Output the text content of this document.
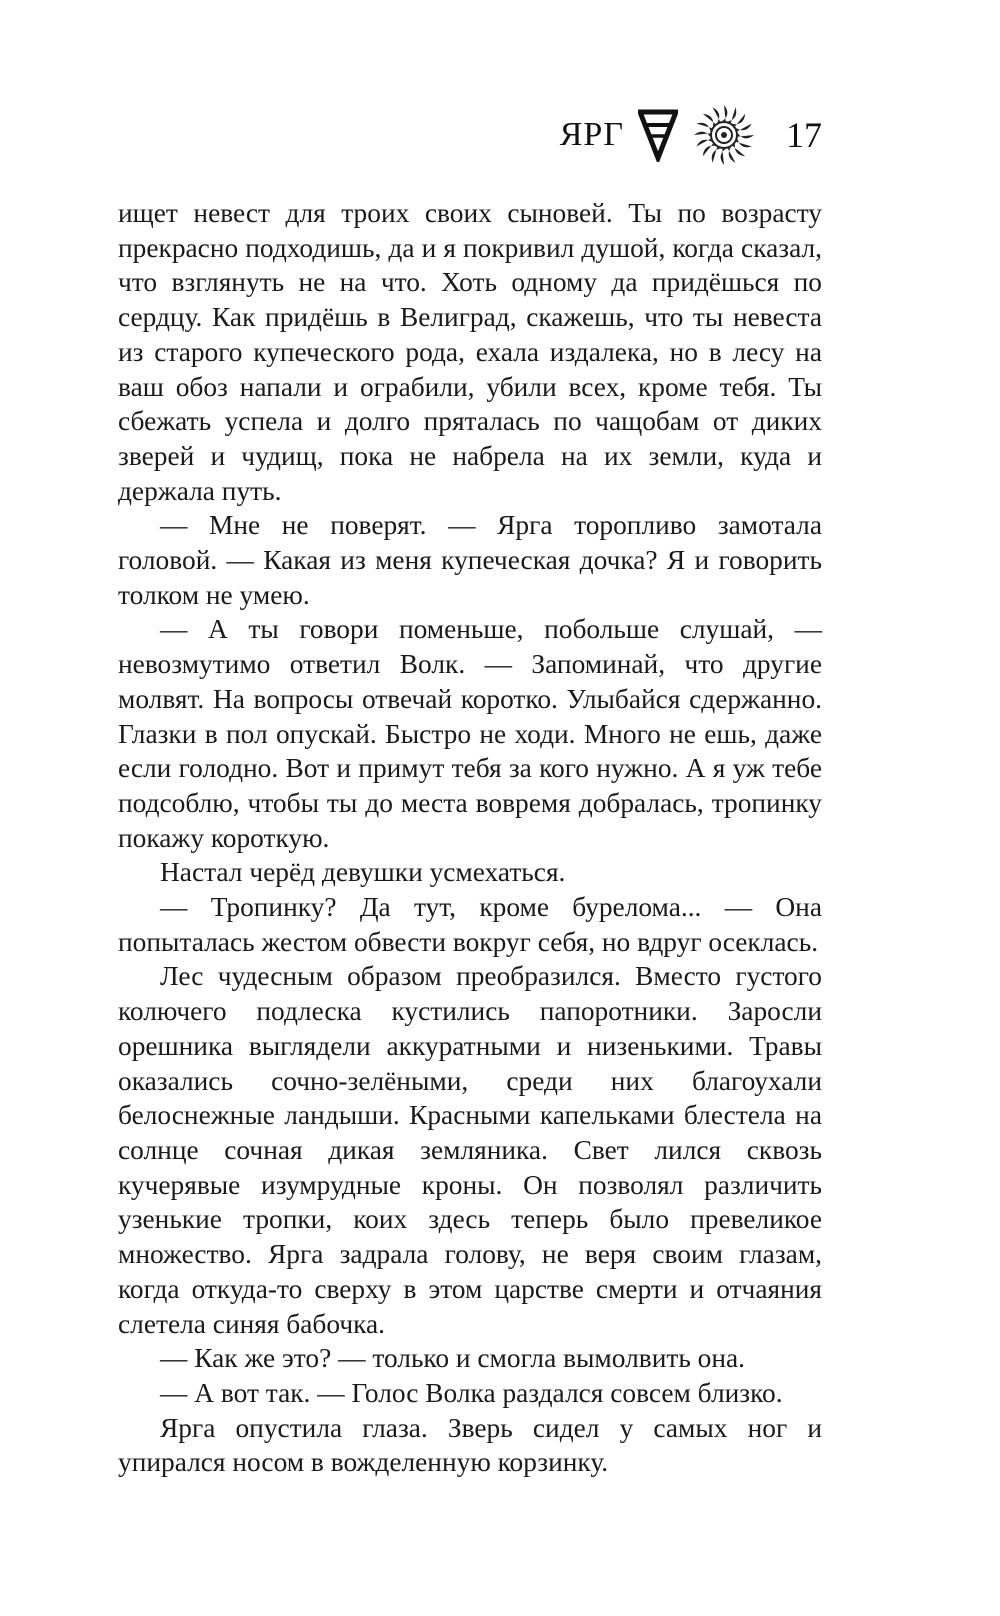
ЯРГ	17

ищет невест для троих своих сыновей. Ты по возрасту прекрасно подходишь, да и я покривил душой, когда сказал, что взглянуть не на что. Хоть одному да придёшься по сердцу. Как придёшь в Велиград, скажешь, что ты невеста из старого купеческого рода, ехала издалека, но в лесу на ваш обоз напали и ограбили, убили всех, кроме тебя. Ты сбежать успела и долго пряталась по чащобам от диких зверей и чудищ, пока не набрела на их земли, куда и держала путь.

— Мне не поверят. — Ярга торопливо замотала головой. — Какая из меня купеческая дочка? Я и говорить толком не умею.

— А ты говори поменьше, побольше слушай, — невозмутимо ответил Волк. — Запоминай, что другие молвят. На вопросы отвечай коротко. Улыбайся сдержанно. Глазки в пол опускай. Быстро не ходи. Много не ешь, даже если голодно. Вот и примут тебя за кого нужно. А я уж тебе подсоблю, чтобы ты до места вовремя добралась, тропинку покажу короткую.

Настал черёд девушки усмехаться.

— Тропинку? Да тут, кроме бурелома... — Она попыталась жестом обвести вокруг себя, но вдруг осеклась.

Лес чудесным образом преобразился. Вместо густого колючего подлеска кустились папоротники. Заросли орешника выглядели аккуратными и низенькими. Травы оказались сочно-зелёными, среди них благоухали белоснежные ландыши. Красными капельками блестела на солнце сочная дикая земляника. Свет лился сквозь кучерявые изумрудные кроны. Он позволял различить узенькие тропки, коих здесь теперь было превеликое множество. Ярга задрала голову, не веря своим глазам, когда откуда-то сверху в этом царстве смерти и отчаяния слетела синяя бабочка.

— Как же это? — только и смогла вымолвить она.

— А вот так. — Голос Волка раздался совсем близко.

Ярга опустила глаза. Зверь сидел у самых ног и упирался носом в вожделенную корзинку.
